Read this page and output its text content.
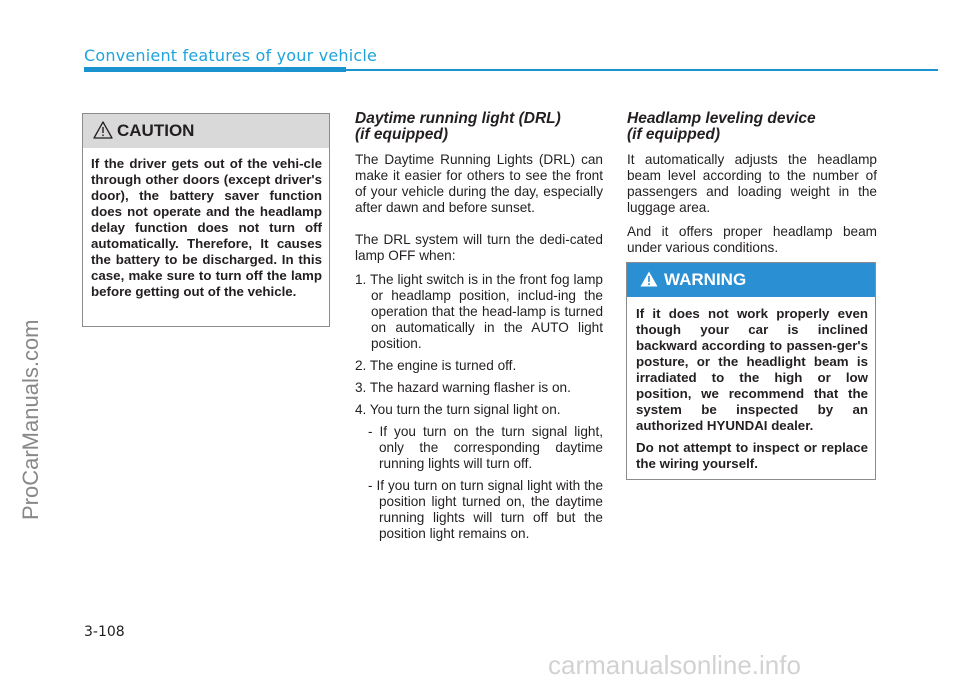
Convenient features of your vehicle
ProCarManuals.com
CAUTION
If the driver gets out of the vehi-cle through other doors (except driver's door), the battery saver function does not operate and the headlamp delay function does not turn off automatically. Therefore, It causes the battery to be discharged. In this case, make sure to turn off the lamp before getting out of the vehicle.
Daytime running light (DRL)
(if equipped)

The Daytime Running Lights (DRL) can make it easier for others to see the front of your vehicle during the day, especially after dawn and before sunset.

The DRL system will turn the dedi-cated lamp OFF when:

1. The light switch is in the front fog lamp or headlamp position, includ-ing the operation that the head-lamp is turned on automatically in the AUTO light position.
2. The engine is turned off.
3. The hazard warning flasher is on.
4. You turn the turn signal light on.
- If you turn on the turn signal light, only the corresponding daytime running lights will turn off.
- If you turn on turn signal light with the position light turned on, the daytime running lights will turn off but the position light remains on.
Headlamp leveling device
(if equipped)

It automatically adjusts the headlamp beam level according to the number of passengers and loading weight in the luggage area.

And it offers proper headlamp beam under various conditions.

WARNING

If it does not work properly even though your car is inclined backward according to passen-ger's posture, or the headlight beam is irradiated to the high or low position, we recommend that the system be inspected by an authorized HYUNDAI dealer.

Do not attempt to inspect or replace the wiring yourself.

3-108
carmanualsonline.info
